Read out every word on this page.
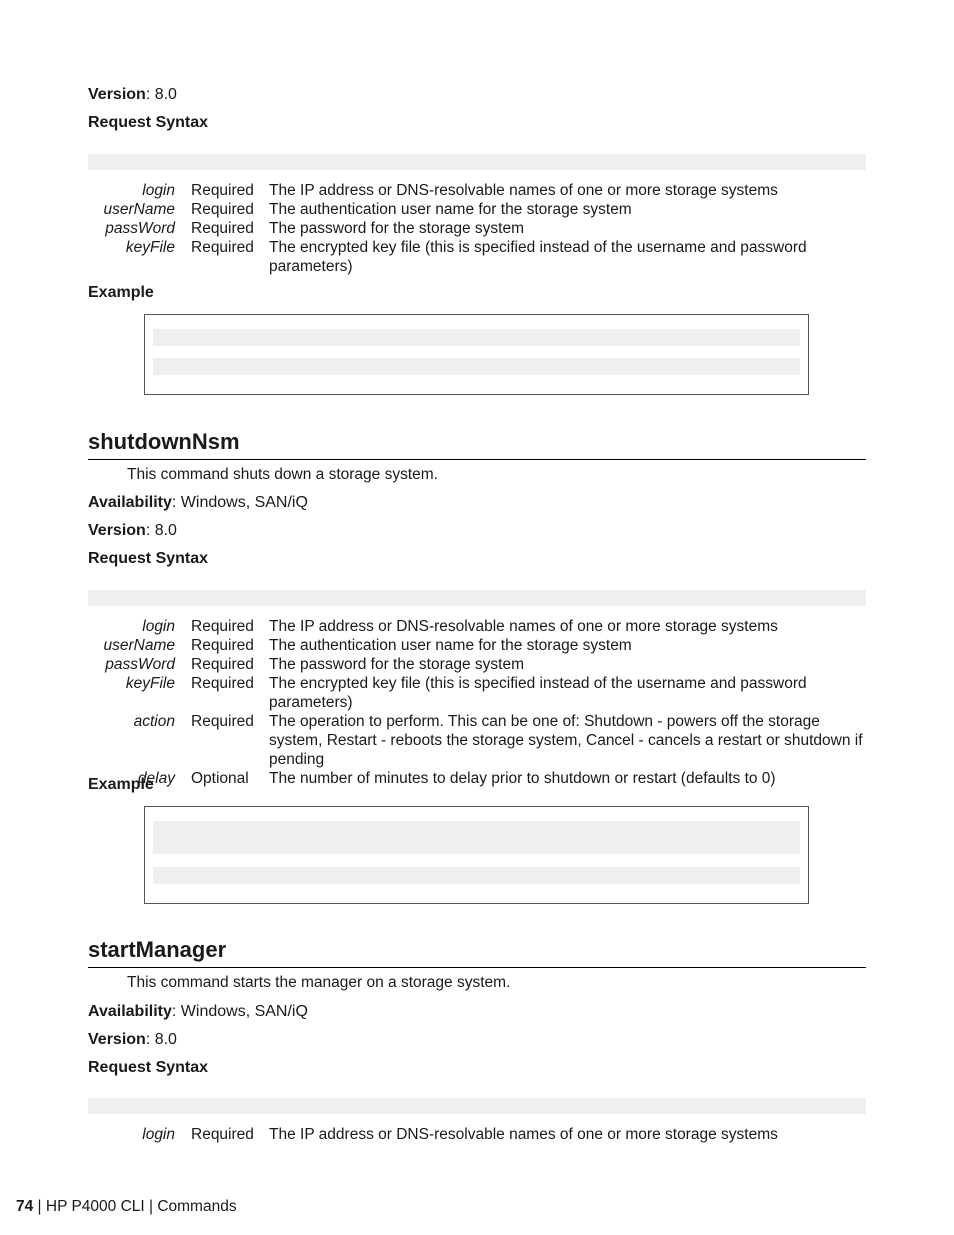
Version: 8.0
Request Syntax
login	Required The IP address or DNS-resolvable names of one or more storage systems
userName	Required The authentication user name for the storage system
passWord	Required The password for the storage system
keyFile	Required The encrypted key file (this is specified instead of the username and password parameters)
Example
shutdownNsm
This command shuts down a storage system.
Availability: Windows, SAN/iQ
Version: 8.0
Request Syntax
login	Required The IP address or DNS-resolvable names of one or more storage systems
userName	Required The authentication user name for the storage system
passWord	Required The password for the storage system
keyFile	Required The encrypted key file (this is specified instead of the username and password parameters)
action	Required The operation to perform. This can be one of: Shutdown - powers off the storage system, Restart - reboots the storage system, Cancel - cancels a restart or shutdown if pending
delay	Optional	The number of minutes to delay prior to shutdown or restart (defaults to 0)
Example
startManager
This command starts the manager on a storage system.
Availability: Windows, SAN/iQ
Version: 8.0
Request Syntax
login	Required The IP address or DNS-resolvable names of one or more storage systems
74 | HP P4000 CLI | Commands
